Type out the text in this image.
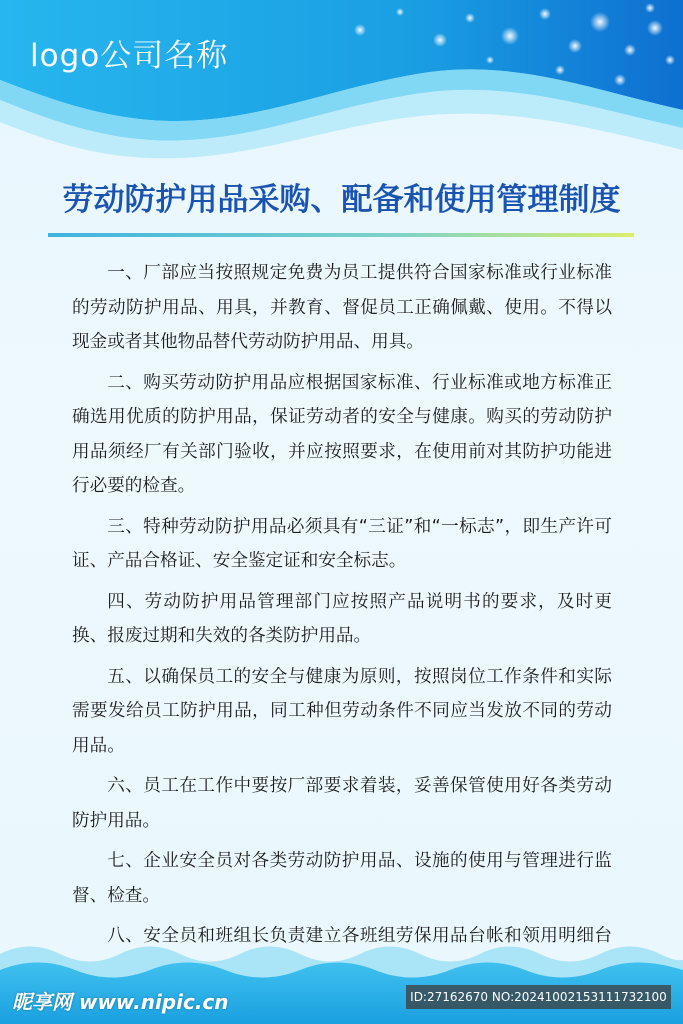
logo公司名称
劳动防护用品采购、配备和使用管理制度

一、厂部应当按照规定免费为员工提供符合国家标准或行业标准的劳动防护用品、用具，并教育、督促员工正确佩戴、使用。不得以现金或者其他物品替代劳动防护用品、用具。

二、购买劳动防护用品应根据国家标准、行业标准或地方标准正确选用优质的防护用品，保证劳动者的安全与健康。购买的劳动防护用品须经厂有关部门验收，并应按照要求，在使用前对其防护功能进行必要的检查。

三、特种劳动防护用品必须具有“三证”和“一标志”，即生产许可证、产品合格证、安全鉴定证和安全标志。

四、劳动防护用品管理部门应按照产品说明书的要求，及时更换、报废过期和失效的各类防护用品。

五、以确保员工的安全与健康为原则，按照岗位工作条件和实际需要发给员工防护用品，同工种但劳动条件不同应当发放不同的劳动用品。

六、员工在工作中要按厂部要求着装，妥善保管使用好各类劳动防护用品。

七、企业安全员对各类劳动防护用品、设施的使用与管理进行监督、检查。

八、安全员和班组长负责建立各班组劳保用品台帐和领用明细台

昵享网 www.nipic.cn	ID:27162670 NO:20241002153111732100
